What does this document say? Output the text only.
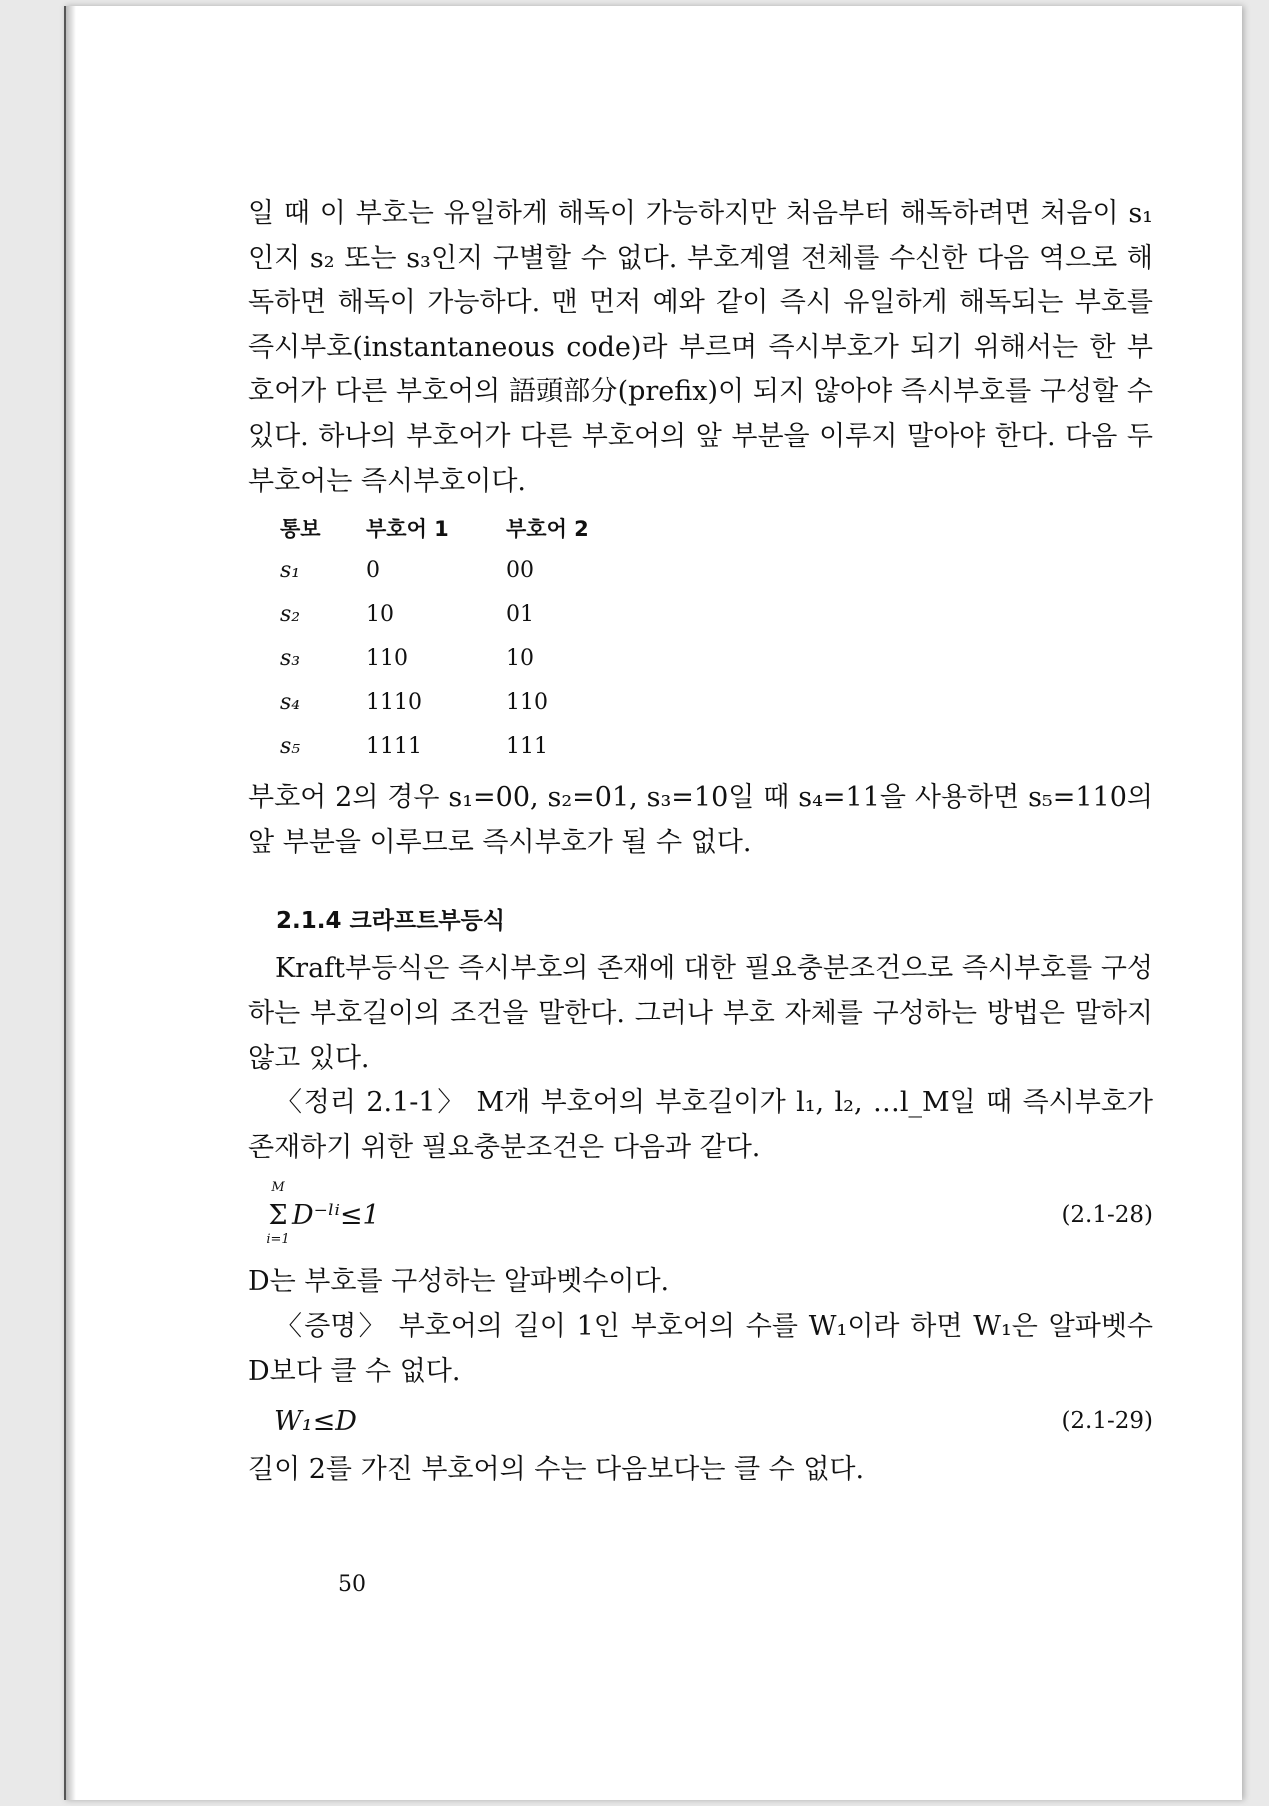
일 때 이 부호는 유일하게 해독이 가능하지만 처음부터 해독하려면 처음이 s₁인지 s₂ 또는 s₃인지 구별할 수 없다. 부호계열 전체를 수신한 다음 역으로 해독하면 해독이 가능하다. 맨 먼저 예와 같이 즉시 유일하게 해독되는 부호를 즉시부호(instantaneous code)라 부르며 즉시부호가 되기 위해서는 한 부호어가 다른 부호어의 語頭部分(prefix)이 되지 않아야 즉시부호를 구성할 수 있다. 하나의 부호어가 다른 부호어의 앞 부분을 이루지 말아야 한다. 다음 두 부호어는 즉시부호이다.

통보	부호어 1	부호어 2
s₁	0	00
s₂	10	01
s₃	110	10
s₄	1110	110
s₅	1111	111

부호어 2의 경우 s₁=00, s₂=01, s₃=10일 때 s₄=11을 사용하면 s₅=110의 앞 부분을 이루므로 즉시부호가 될 수 없다.

2.1.4 크라프트부등식

Kraft부등식은 즉시부호의 존재에 대한 필요충분조건으로 즉시부호를 구성하는 부호길이의 조건을 말한다. 그러나 부호 자체를 구성하는 방법은 말하지 않고 있다.

〈정리 2.1-1〉 M개 부호어의 부호길이가 l₁, l₂, …l_M일 때 즉시부호가 존재하기 위한 필요충분조건은 다음과 같다.

M
Σ
i=1
D⁻ˡⁱ≤1	(2.1-28)

D는 부호를 구성하는 알파벳수이다.

〈증명〉 부호어의 길이 1인 부호어의 수를 W₁이라 하면 W₁은 알파벳수 D보다 클 수 없다.

W₁≤D	(2.1-29)

길이 2를 가진 부호어의 수는 다음보다는 클 수 없다.

50
